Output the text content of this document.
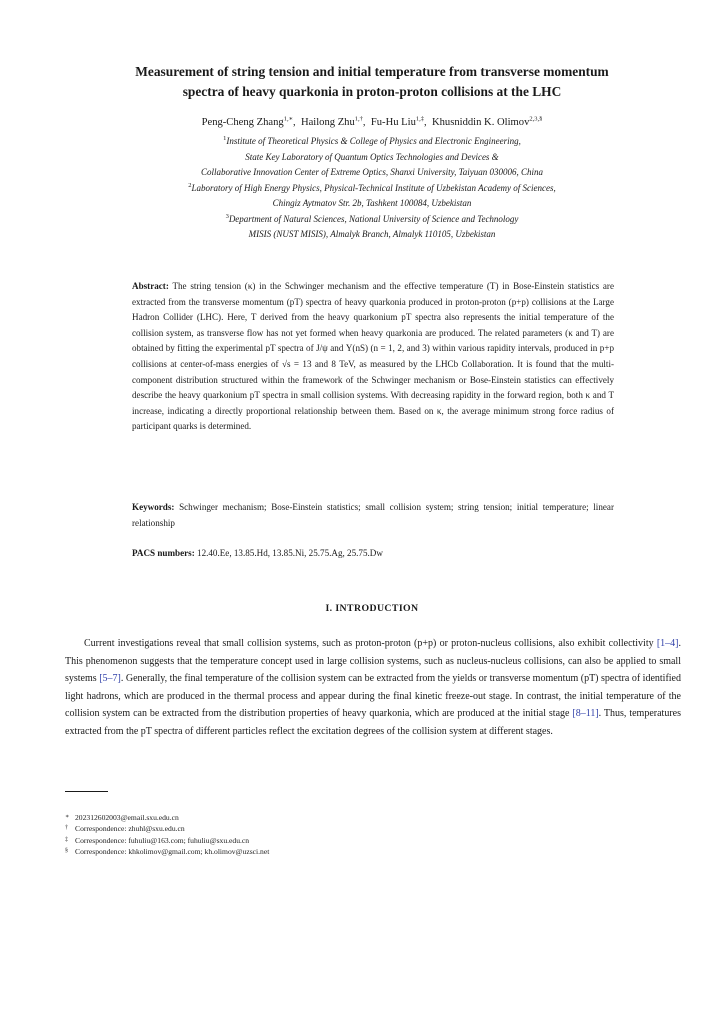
Measurement of string tension and initial temperature from transverse momentum
spectra of heavy quarkonia in proton-proton collisions at the LHC
Peng-Cheng Zhang$^{1,∗}$,  Hailong Zhu$^{1,\dagger}$,  Fu-Hu Liu$^{1,\ddagger}$,  Khusniddin K. Olimov$^{2,3,\S}$
$^1$Institute of Theoretical Physics & College of Physics and Electronic Engineering,
State Key Laboratory of Quantum Optics Technologies and Devices &
Collaborative Innovation Center of Extreme Optics, Shanxi University, Taiyuan 030006, China
$^2$Laboratory of High Energy Physics, Physical-Technical Institute of Uzbekistan Academy of Sciences,
Chingiz Aytmatov Str. 2b, Tashkent 100084, Uzbekistan
$^3$Department of Natural Sciences, National University of Science and Technology
MISIS (NUST MISIS), Almalyk Branch, Almalyk 110105, Uzbekistan
Abstract: The string tension (κ) in the Schwinger mechanism and the effective temperature (T) in Bose-Einstein statistics are extracted from the transverse momentum (pT) spectra of heavy quarkonia produced in proton-proton (p+p) collisions at the Large Hadron Collider (LHC). Here, T derived from the heavy quarkonium pT spectra also represents the initial temperature of the collision system, as transverse flow has not yet formed when heavy quarkonia are produced. The related parameters (κ and T) are obtained by fitting the experimental pT spectra of J/ψ and Υ(nS) (n = 1, 2, and 3) within various rapidity intervals, produced in p+p collisions at center-of-mass energies of √s = 13 and 8 TeV, as measured by the LHCb Collaboration. It is found that the multi-component distribution structured within the framework of the Schwinger mechanism or Bose-Einstein statistics can effectively describe the heavy quarkonium pT spectra in small collision systems. With decreasing rapidity in the forward region, both κ and T increase, indicating a directly proportional relationship between them. Based on κ, the average minimum strong force radius of participant quarks is determined.
Keywords: Schwinger mechanism; Bose-Einstein statistics; small collision system; string tension; initial temperature; linear relationship
PACS numbers: 12.40.Ee, 13.85.Hd, 13.85.Ni, 25.75.Ag, 25.75.Dw
I. INTRODUCTION
Current investigations reveal that small collision systems, such as proton-proton (p+p) or proton-nucleus collisions, also exhibit collectivity [1–4]. This phenomenon suggests that the temperature concept used in large collision systems, such as nucleus-nucleus collisions, can also be applied to small systems [5–7]. Generally, the final temperature of the collision system can be extracted from the yields or transverse momentum (pT) spectra of identified light hadrons, which are produced in the thermal process and appear during the final kinetic freeze-out stage. In contrast, the initial temperature of the collision system can be extracted from the distribution properties of heavy quarkonia, which are produced at the initial stage [8–11]. Thus, temperatures extracted from the pT spectra of different particles reflect the excitation degrees of the collision system at different stages.
∗ 202312602003@email.sxu.edu.cn
† Correspondence: zhuhl@sxu.edu.cn
‡ Correspondence: fuhuliu@163.com; fuhuliu@sxu.edu.cn
§ Correspondence: khkolimov@gmail.com; kh.olimov@uzsci.net
